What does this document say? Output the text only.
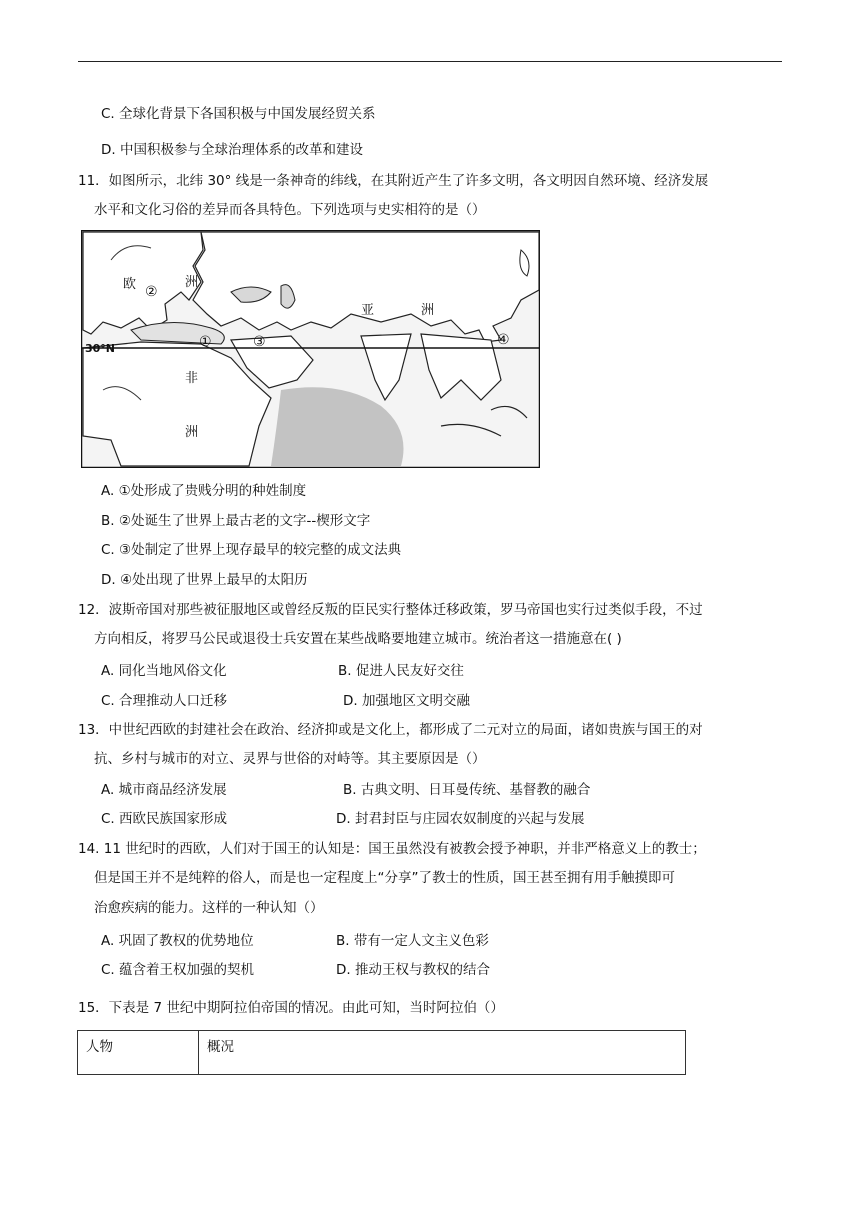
C. 全球化背景下各国积极与中国发展经贸关系
D. 中国积极参与全球治理体系的改革和建设
11．如图所示，北纬 30° 线是一条神奇的纬线，在其附近产生了许多文明，各文明因自然环境、经济发展
水平和文化习俗的差异而各具特色。下列选项与史实相符的是（）
欧	洲
亚	洲
非
洲
30°N	①
②
③	④
A. ①处形成了贵贱分明的种姓制度
B. ②处诞生了世界上最古老的文字--楔形文字
C. ③处制定了世界上现存最早的较完整的成文法典
D. ④处出现了世界上最早的太阳历
12．波斯帝国对那些被征服地区或曾经反叛的臣民实行整体迁移政策，罗马帝国也实行过类似手段，不过
方向相反，将罗马公民或退役士兵安置在某些战略要地建立城市。统治者这一措施意在( )
A. 同化当地风俗文化	B. 促进人民友好交往
C. 合理推动人口迁移	D. 加强地区文明交融
13．中世纪西欧的封建社会在政治、经济抑或是文化上，都形成了二元对立的局面，诸如贵族与国王的对
抗、乡村与城市的对立、灵界与世俗的对峙等。其主要原因是（）
A. 城市商品经济发展	B. 古典文明、日耳曼传统、基督教的融合
C. 西欧民族国家形成	D. 封君封臣与庄园农奴制度的兴起与发展
14. 11 世纪时的西欧，人们对于国王的认知是：国王虽然没有被教会授予神职，并非严格意义上的教士；
但是国王并不是纯粹的俗人，而是也一定程度上“分享”了教士的性质，国王甚至拥有用手触摸即可
治愈疾病的能力。这样的一种认知（）
A. 巩固了教权的优势地位	B. 带有一定人文主义色彩
C. 蕴含着王权加强的契机	D. 推动王权与教权的结合
15．下表是 7 世纪中期阿拉伯帝国的情况。由此可知，当时阿拉伯（）
人物	概况
